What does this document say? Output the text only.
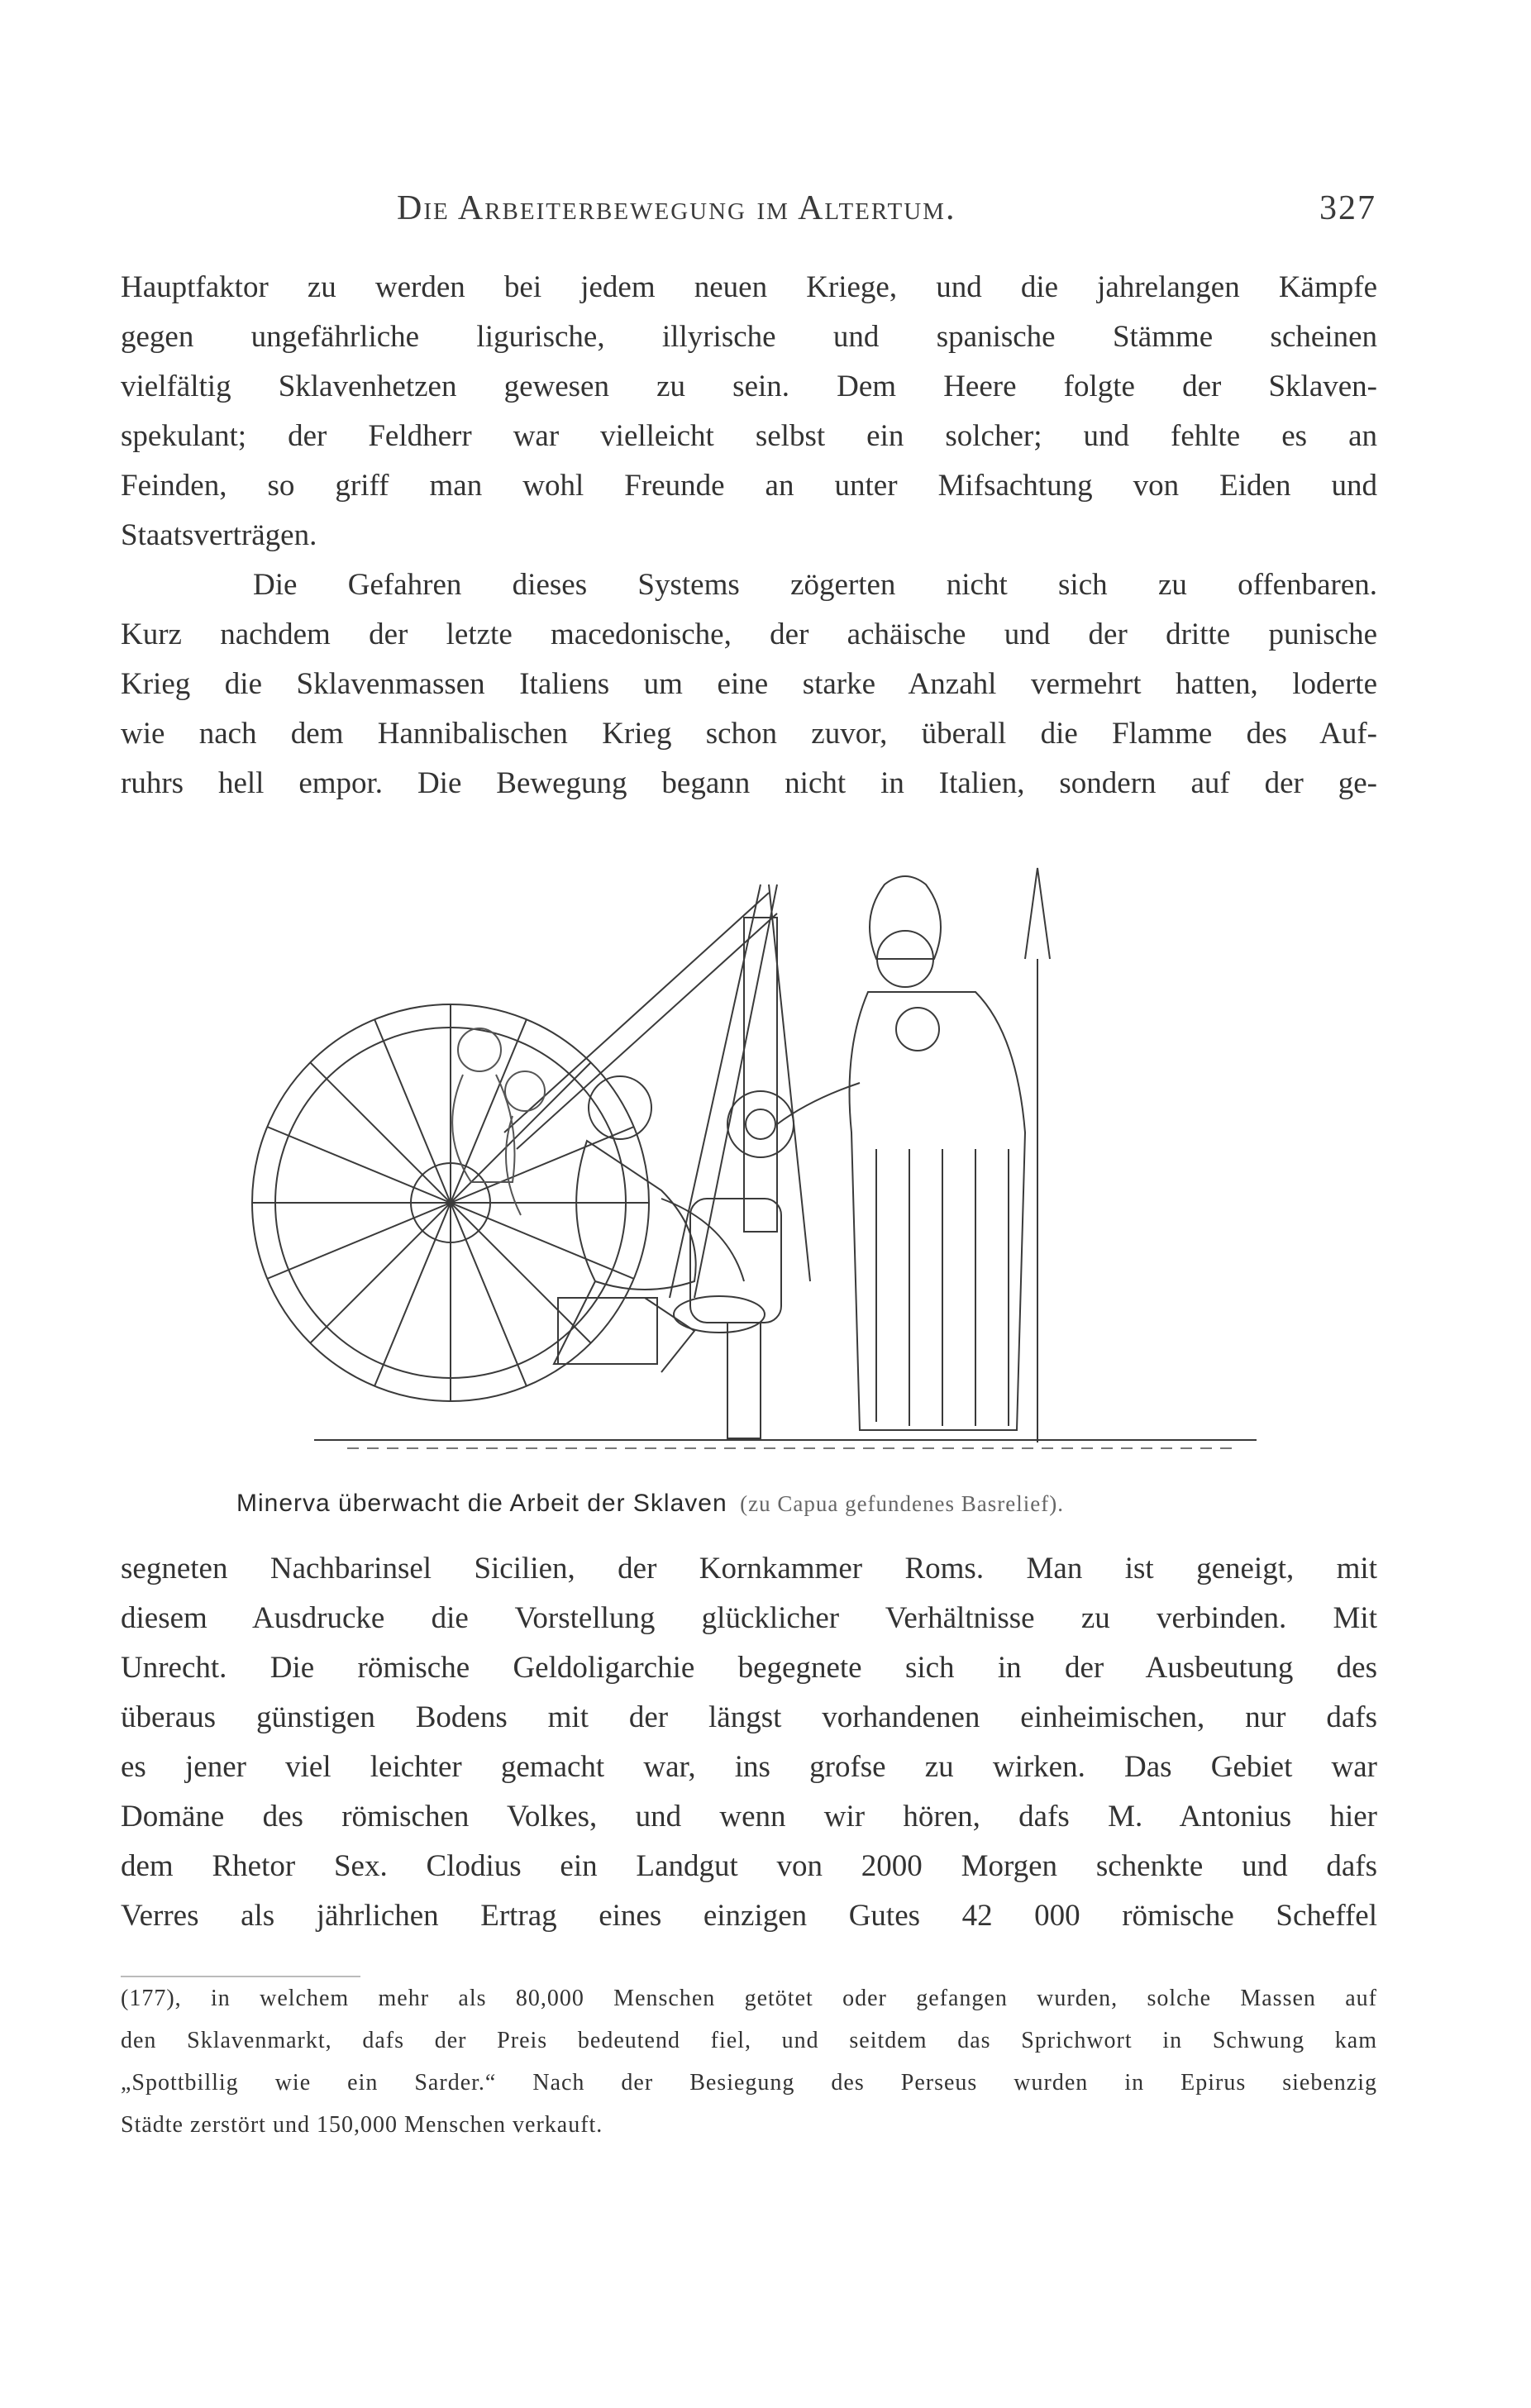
Die Arbeiterbewegung im Altertum.	327
Hauptfaktor zu werden bei jedem neuen Kriege, und die jahrelangen Kämpfe
gegen ungefährliche ligurische, illyrische und spanische Stämme scheinen
vielfältig Sklavenhetzen gewesen zu sein. Dem Heere folgte der Sklaven-
spekulant; der Feldherr war vielleicht selbst ein solcher; und fehlte es an
Feinden, so griff man wohl Freunde an unter Mifsachtung von Eiden und
Staatsverträgen.
Die Gefahren dieses Systems zögerten nicht sich zu offenbaren.
Kurz nachdem der letzte macedonische, der achäische und der dritte punische
Krieg die Sklavenmassen Italiens um eine starke Anzahl vermehrt hatten, loderte
wie nach dem Hannibalischen Krieg schon zuvor, überall die Flamme des Auf-
ruhrs hell empor. Die Bewegung begann nicht in Italien, sondern auf der ge-
Minerva überwacht die Arbeit der Sklaven (zu Capua gefundenes Basrelief).
segneten Nachbarinsel Sicilien, der Kornkammer Roms. Man ist geneigt, mit
diesem Ausdrucke die Vorstellung glücklicher Verhältnisse zu verbinden. Mit
Unrecht. Die römische Geldoligarchie begegnete sich in der Ausbeutung des
überaus günstigen Bodens mit der längst vorhandenen einheimischen, nur dafs
es jener viel leichter gemacht war, ins grofse zu wirken. Das Gebiet war
Domäne des römischen Volkes, und wenn wir hören, dafs M. Antonius hier
dem Rhetor Sex. Clodius ein Landgut von 2000 Morgen schenkte und dafs
Verres als jährlichen Ertrag eines einzigen Gutes 42 000 römische Scheffel
(177), in welchem mehr als 80,000 Menschen getötet oder gefangen wurden, solche Massen auf
den Sklavenmarkt, dafs der Preis bedeutend fiel, und seitdem das Sprichwort in Schwung kam
„Spottbillig wie ein Sarder.“ Nach der Besiegung des Perseus wurden in Epirus siebenzig
Städte zerstört und 150,000 Menschen verkauft.
